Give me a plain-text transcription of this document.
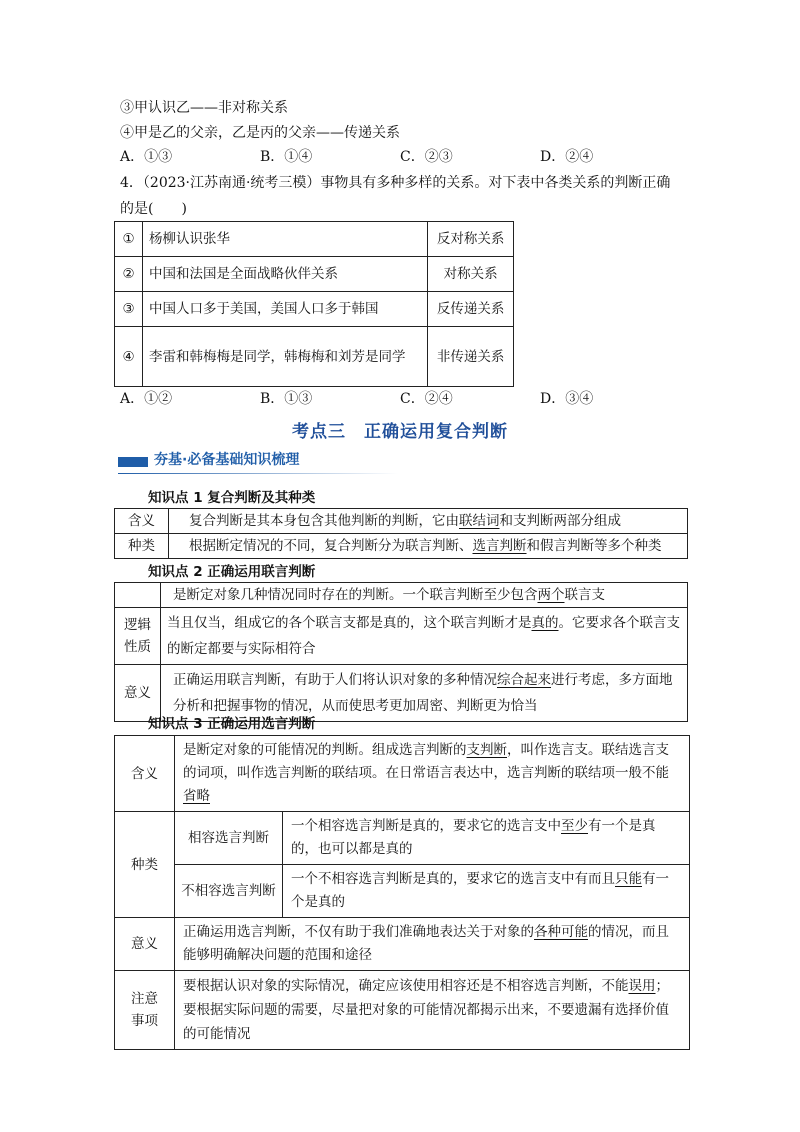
③甲认识乙——非对称关系
④甲是乙的父亲，乙是丙的父亲——传递关系
A．①③	B．①④	C．②③	D．②④
4．（2023·江苏南通·统考三模）事物具有多种多样的关系。对下表中各类关系的判断正确
的是(　　)
①	杨柳认识张华	反对称关系
②	中国和法国是全面战略伙伴关系	对称关系
③	中国人口多于美国，美国人口多于韩国	反传递关系
④	李雷和韩梅梅是同学，韩梅梅和刘芳是同学	非传递关系
A．①②	B．①③	C．②④	D．③④
考点三　正确运用复合判断
夯基·必备基础知识梳理
知识点 1 复合判断及其种类
含义	复合判断是其本身包含其他判断的判断，它由联结词和支判断两部分组成
种类	根据断定情况的不同，复合判断分为联言判断、选言判断和假言判断等多个种类
知识点 2 正确运用联言判断
	是断定对象几种情况同时存在的判断。一个联言判断至少包含两个联言支
逻辑性质	当且仅当，组成它的各个联言支都是真的，这个联言判断才是真的。它要求各个联言支的断定都要与实际相符合
意义	正确运用联言判断，有助于人们将认识对象的多种情况综合起来进行考虑，多方面地分析和把握事物的情况，从而使思考更加周密、判断更为恰当
知识点 3 正确运用选言判断
含义	是断定对象的可能情况的判断。组成选言判断的支判断，叫作选言支。联结选言支的词项，叫作选言判断的联结项。在日常语言表达中，选言判断的联结项一般不能省略	
种类	相容选言判断	一个相容选言判断是真的，要求它的选言支中至少有一个是真的，也可以都是真的
	不相容选言判断	一个不相容选言判断是真的，要求它的选言支中有而且只能有一个是真的
意义	正确运用选言判断，不仅有助于我们准确地表达关于对象的各种可能的情况，而且能够明确解决问题的范围和途径	
注意事项	要根据认识对象的实际情况，确定应该使用相容还是不相容选言判断，不能误用；要根据实际问题的需要，尽量把对象的可能情况都揭示出来，不要遗漏有选择价值的可能情况	
